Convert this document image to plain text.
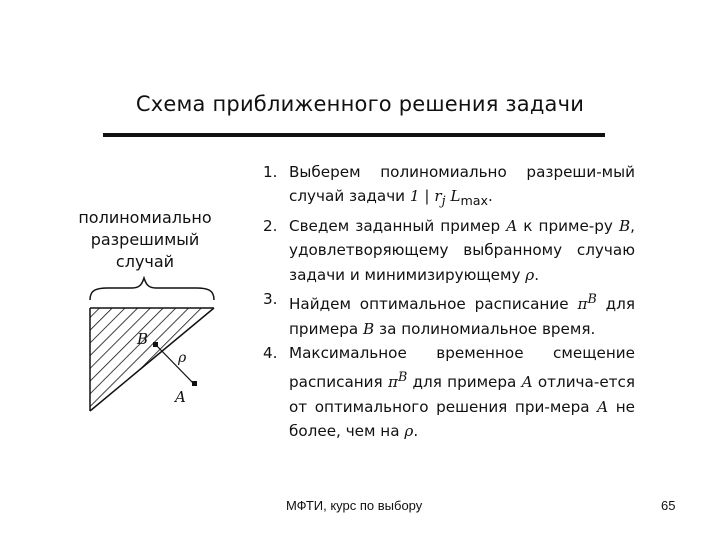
Схема приближенного решения задачи
полиномиально
разрешимый
случай
B
ρ
A
1. Выберем полиномиально разреши-мый случай задачи 1 | $r_j$ $L_{max}$.
2. Сведем заданный пример A к приме-ру B, удовлетворяющему выбранному случаю задачи и минимизирующему ρ.
3. Найдем оптимальное расписание $\pi^B$ для примера B за полиномиальное время.
4. Максимальное временное смещение расписания $\pi^B$ для примера A отлича-ется от оптимального решения при-мера A не более, чем на ρ.
МФТИ, курс по выбору	65
